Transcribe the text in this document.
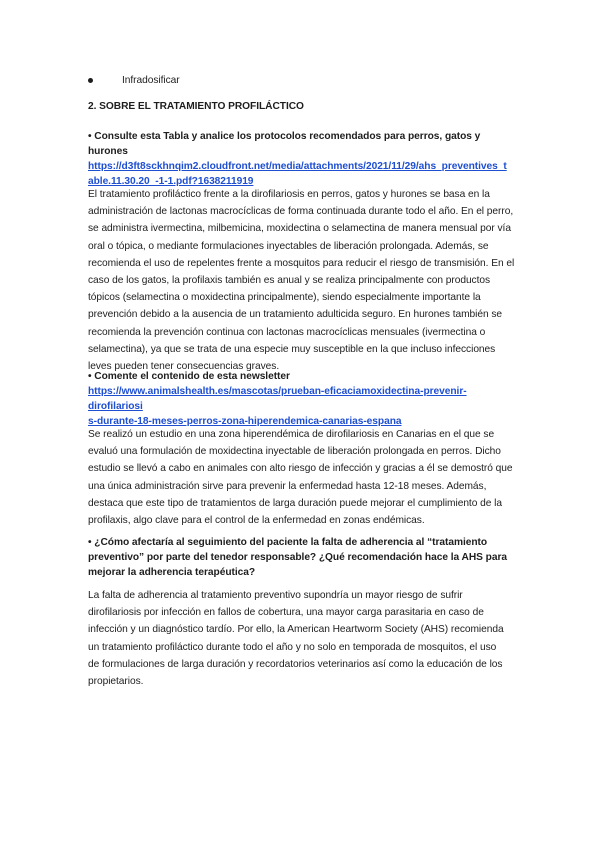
Infradosificar
2. SOBRE EL TRATAMIENTO PROFILÁCTICO
• Consulte esta Tabla y analice los protocolos recomendados para perros, gatos y hurones
https://d3ft8sckhnqim2.cloudfront.net/media/attachments/2021/11/29/ahs_preventives_t
able.11.30.20_-1-1.pdf?1638211919
El tratamiento profiláctico frente a la dirofilariosis en perros, gatos y hurones se basa en la
administración de lactonas macrocíclicas de forma continuada durante todo el año. En el perro,
se administra ivermectina, milbemicina, moxidectina o selamectina de manera mensual por vía
oral o tópica, o mediante formulaciones inyectables de liberación prolongada. Además, se
recomienda el uso de repelentes frente a mosquitos para reducir el riesgo de transmisión. En el
caso de los gatos, la profilaxis también es anual y se realiza principalmente con productos
tópicos (selamectina o moxidectina principalmente), siendo especialmente importante la
prevención debido a la ausencia de un tratamiento adulticida seguro. En hurones también se
recomienda la prevención continua con lactonas macrocíclicas mensuales (ivermectina o
selamectina), ya que se trata de una especie muy susceptible en la que incluso infecciones
leves pueden tener consecuencias graves.
• Comente el contenido de esta newsletter
https://www.animalshealth.es/mascotas/prueban-eficaciamoxidectina-prevenir-dirofilariosi
s-durante-18-meses-perros-zona-hiperendemica-canarias-espana
Se realizó un estudio en una zona hiperendémica de dirofilariosis en Canarias en el que se
evaluó una formulación de moxidectina inyectable de liberación prolongada en perros. Dicho
estudio se llevó a cabo en animales con alto riesgo de infección y gracias a él se demostró que
una única administración sirve para prevenir la enfermedad hasta 12-18 meses. Además,
destaca que este tipo de tratamientos de larga duración puede mejorar el cumplimiento de la
profilaxis, algo clave para el control de la enfermedad en zonas endémicas.
• ¿Cómo afectaría al seguimiento del paciente la falta de adherencia al “tratamiento
preventivo” por parte del tenedor responsable? ¿Qué recomendación hace la AHS para
mejorar la adherencia terapéutica?
La falta de adherencia al tratamiento preventivo supondría un mayor riesgo de sufrir
dirofilariosis por infección en fallos de cobertura, una mayor carga parasitaria en caso de
infección y un diagnóstico tardío. Por ello, la American Heartworm Society (AHS) recomienda
un tratamiento profiláctico durante todo el año y no solo en temporada de mosquitos, el uso
de formulaciones de larga duración y recordatorios veterinarios así como la educación de los
propietarios.
